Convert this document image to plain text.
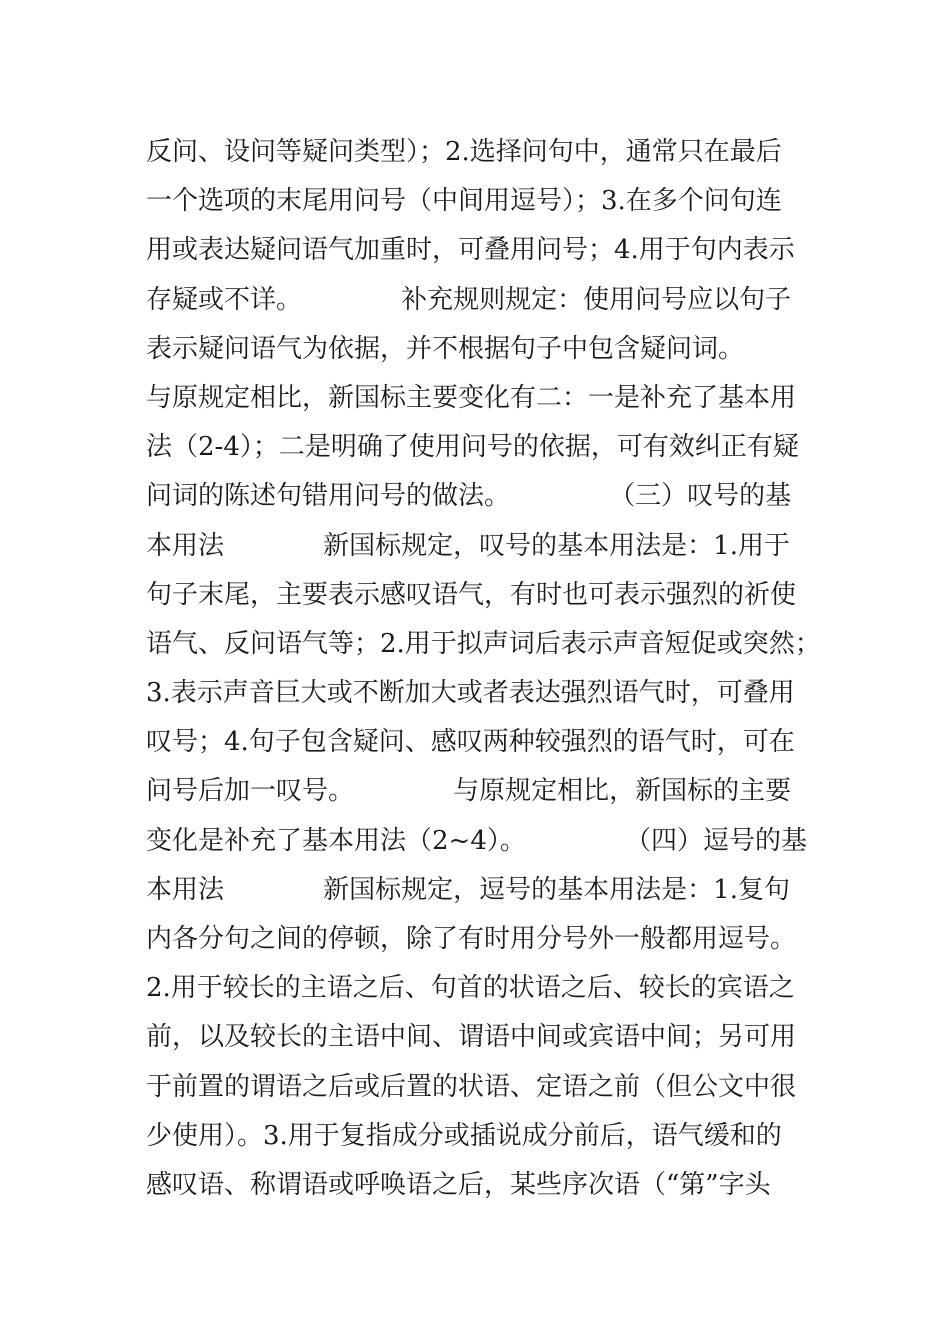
反问、设问等疑问类型）；2.选择问句中，通常只在最后
一个选项的末尾用问号（中间用逗号）；3.在多个问句连
用或表达疑问语气加重时，可叠用问号；4.用于句内表示
存疑或不详。            补充规则规定：使用问号应以句子
表示疑问语气为依据，并不根据句子中包含疑问词。
与原规定相比，新国标主要变化有二：一是补充了基本用
法（2-4）；二是明确了使用问号的依据，可有效纠正有疑
问词的陈述句错用问号的做法。            （三）叹号的基
本用法            新国标规定，叹号的基本用法是：1.用于
句子末尾，主要表示感叹语气，有时也可表示强烈的祈使
语气、反问语气等；2.用于拟声词后表示声音短促或突然；
3.表示声音巨大或不断加大或者表达强烈语气时，可叠用
叹号；4.句子包含疑问、感叹两种较强烈的语气时，可在
问号后加一叹号。            与原规定相比，新国标的主要
变化是补充了基本用法（2~4）。            （四）逗号的基
本用法            新国标规定，逗号的基本用法是：1.复句
内各分句之间的停顿，除了有时用分号外一般都用逗号。
2.用于较长的主语之后、句首的状语之后、较长的宾语之
前，以及较长的主语中间、谓语中间或宾语中间；另可用
于前置的谓语之后或后置的状语、定语之前（但公文中很
少使用）。3.用于复指成分或插说成分前后，语气缓和的
感叹语、称谓语或呼唤语之后，某些序次语（“第”字头
